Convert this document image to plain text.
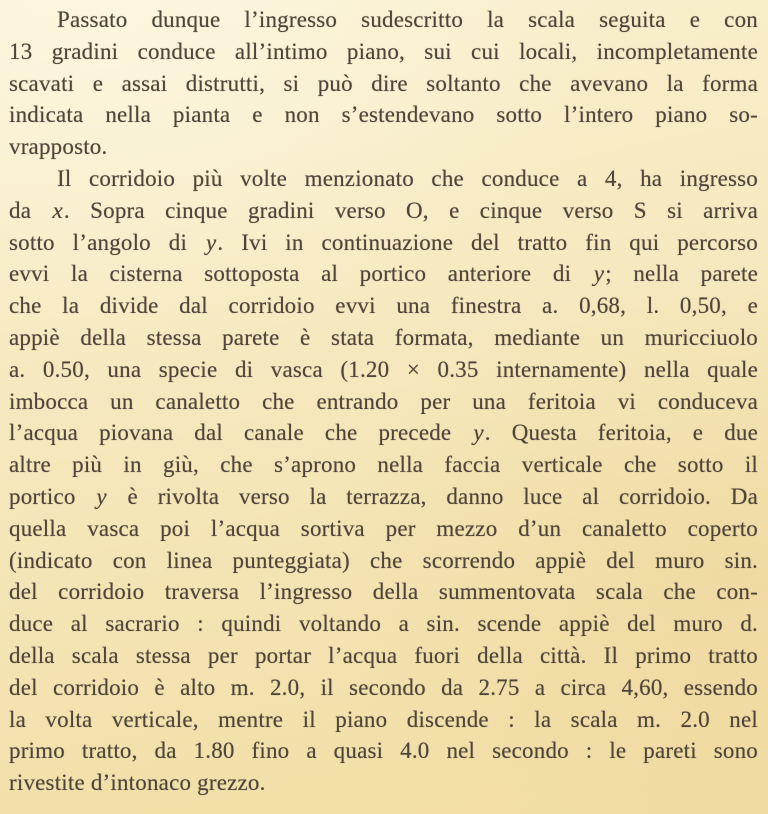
Passato dunque l’ingresso sudescritto la scala seguita e con
13 gradini conduce all’intimo piano, sui cui locali, incompletamente
scavati e assai distrutti, si può dire soltanto che avevano la forma
indicata nella pianta e non s’estendevano sotto l’intero piano so-
vrapposto.
Il corridoio più volte menzionato che conduce a 4, ha ingresso
da x. Sopra cinque gradini verso O, e cinque verso S si arriva
sotto l’angolo di y. Ivi in continuazione del tratto fin qui percorso
evvi la cisterna sottoposta al portico anteriore di y; nella parete
che la divide dal corridoio evvi una finestra a. 0,68, l. 0,50, e
appiè della stessa parete è stata formata, mediante un muricciuolo
a. 0.50, una specie di vasca (1.20 × 0.35 internamente) nella quale
imbocca un canaletto che entrando per una feritoia vi conduceva
l’acqua piovana dal canale che precede y. Questa feritoia, e due
altre più in giù, che s’aprono nella faccia verticale che sotto il
portico y è rivolta verso la terrazza, danno luce al corridoio. Da
quella vasca poi l’acqua sortiva per mezzo d’un canaletto coperto
(indicato con linea punteggiata) che scorrendo appiè del muro sin.
del corridoio traversa l’ingresso della summentovata scala che con-
duce al sacrario : quindi voltando a sin. scende appiè del muro d.
della scala stessa per portar l’acqua fuori della città. Il primo tratto
del corridoio è alto m. 2.0, il secondo da 2.75 a circa 4,60, essendo
la volta verticale, mentre il piano discende : la scala m. 2.0 nel
primo tratto, da 1.80 fino a quasi 4.0 nel secondo : le pareti sono
rivestite d’intonaco grezzo.
